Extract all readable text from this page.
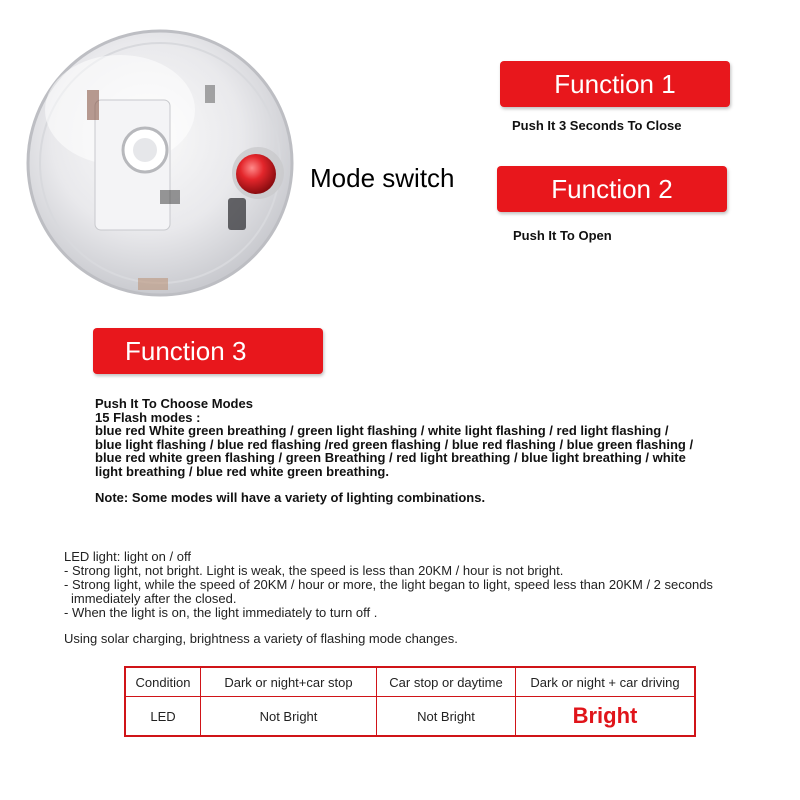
Mode switch
Function 1
Push It 3 Seconds To Close
Function 2
Push It To Open
Function 3

Push It To Choose Modes

15 Flash modes :

blue red White green breathing / green light flashing / white light flashing / red light flashing /

blue light flashing / blue red flashing /red green flashing / blue red flashing / blue green flashing /

blue red white green flashing / green Breathing / red light breathing / blue light breathing / white

light breathing / blue red white green breathing.

Note: Some modes will have a variety of lighting combinations.

LED light: light on / off

- Strong light, not bright. Light is weak, the speed is less than 20KM / hour is not bright.

- Strong light, while the speed of 20KM / hour or more, the light began to light, speed less than 20KM / 2 seconds

immediately after the closed.

- When the light is on, the light immediately to turn off .

Using solar charging, brightness a variety of flashing mode changes.
Condition	Dark or night+car stop	Car stop or daytime	Dark or night + car driving
LED	Not Bright	Not Bright	Bright
